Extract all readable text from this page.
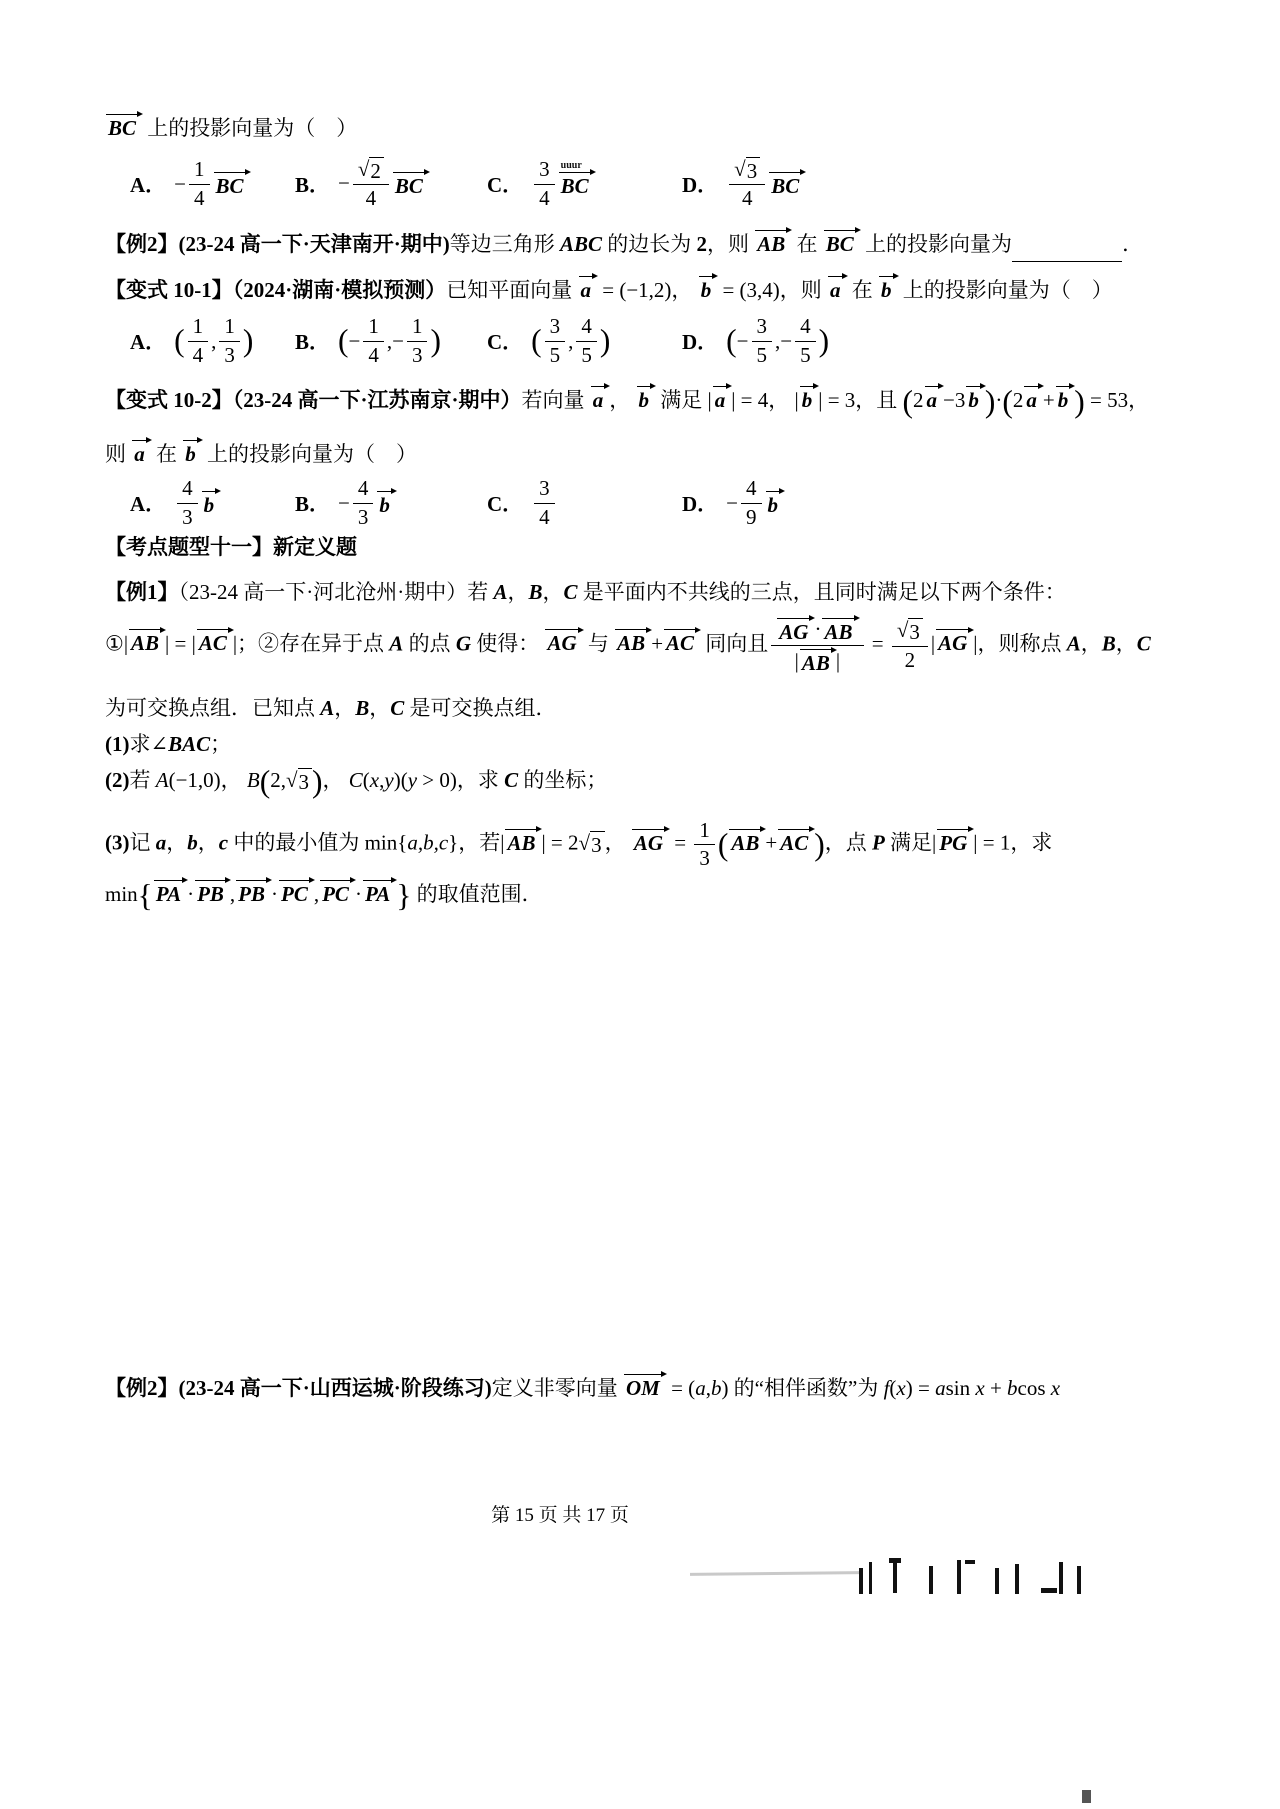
BC 上的投影向量为（　）
A． − $\frac{1}{4}$ BC B． − $\frac{√ 2}{4}$ BC	C． $\frac{3}{4}$ BC
uuur
D． $\frac{√ 3}{4}$ BC
【例2】(23-24 高一下·天津南开·期中)等边三角形 ABC 的边长为 2，则 AB 在 BC 上的投影向量为　　　　　	．
【变式 10-1】（2024·湖南·模拟预测）已知平面向量 a = (−1,2)， b = (3,4)，则 a 在 b 上的投影向量为（　）
A． ( $\frac{1}{4}$ , $\frac{1}{3}$ ) B． ( − $\frac{1}{4}$ ,− $\frac{1}{3}$ ) C． ( $\frac{3}{5}$ , $\frac{4}{5}$ )	D． ( − $\frac{3}{5}$ ,− $\frac{4}{5}$ )
【变式 10-2】（23-24 高一下·江苏南京·期中）若向量 a ， b 满足 | a | = 4， | b | = 3，且 (2 a −3 b )·(2 a + b ) = 53，
则 a 在 b 上的投影向量为（　）
A． $\frac{4}{3}$ b	B． − $\frac{4}{3}$ b	C． $\frac{3}{4}$	D． − $\frac{4}{9}$ b
【考点题型十一】新定义题
【例1】（23-24 高一下·河北沧州·期中）若 A，B，C 是平面内不共线的三点，且同时满足以下两个条件：
①| AB | = | AC |；②存在异于点 A 的点 G 使得： AG 与 AB + AC 同向且 $\frac{AG \cdot AB}{| AB |} = \frac{√ 3}{2}$ | AG |，则称点 A，B，C
为可交换点组．已知点 A，B，C 是可交换点组．
(1)求∠BAC；
(2)若 A(−1,0)， B(2, √ 3 )， C(x,y)(y > 0)，求 C 的坐标；
(3)记 a，b，c 中的最小值为 min{a,b,c}，若| AB | = 2 √ 3 ， AG = $\frac{1}{3}$ ( AB + AC )，点 P 满足| PG | = 1，求
min{ PA · PB , PB · PC , PC · PA } 的取值范围．
【例2】(23-24 高一下·山西运城·阶段练习)定义非零向量 OM = (a,b) 的“相伴函数”为 f(x) = asin x + bcos x
第 15 页 共 17 页
